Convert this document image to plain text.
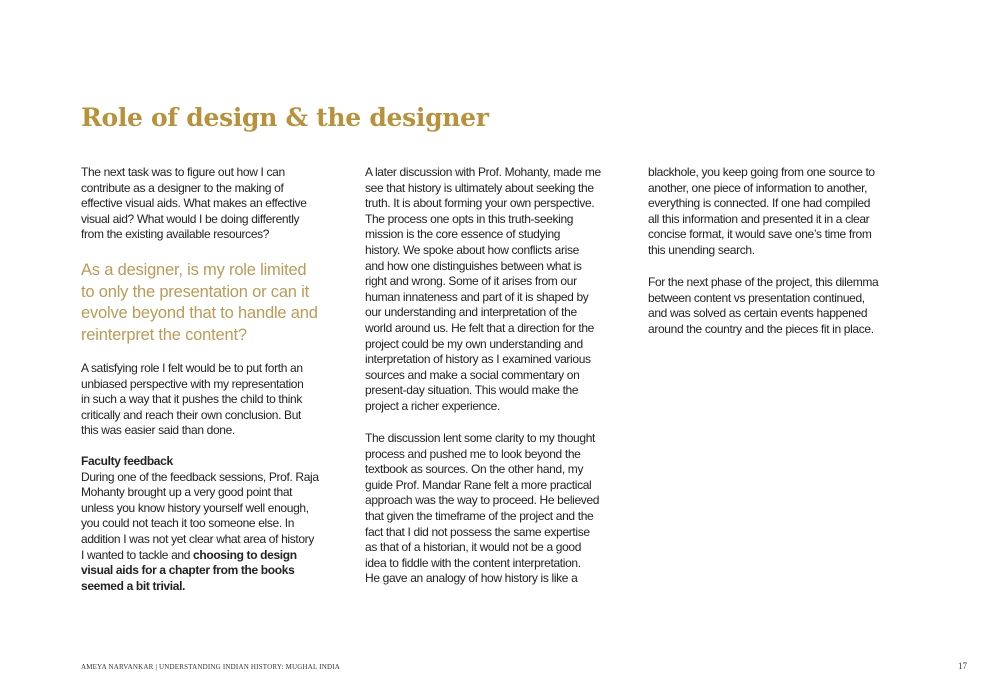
Role of design & the designer
The next task was to figure out how I can
contribute as a designer to the making of
effective visual aids. What makes an effective
visual aid? What would I be doing differently
from the existing available resources?
As a designer, is my role limited
to only the presentation or can it
evolve beyond that to handle and
reinterpret the content?
A satisfying role I felt would be to put forth an
unbiased perspective with my representation
in such a way that it pushes the child to think
critically and reach their own conclusion. But
this was easier said than done.
Faculty feedback
During one of the feedback sessions, Prof. Raja
Mohanty brought up a very good point that
unless you know history yourself well enough,
you could not teach it too someone else. In
addition I was not yet clear what area of history
I wanted to tackle and choosing to design
visual aids for a chapter from the books
seemed a bit trivial.
A later discussion with Prof. Mohanty, made me
see that history is ultimately about seeking the
truth. It is about forming your own perspective.
The process one opts in this truth-seeking
mission is the core essence of studying
history. We spoke about how conflicts arise
and how one distinguishes between what is
right and wrong. Some of it arises from our
human innateness and part of it is shaped by
our understanding and interpretation of the
world around us. He felt that a direction for the
project could be my own understanding and
interpretation of history as I examined various
sources and make a social commentary on
present-day situation. This would make the
project a richer experience.
The discussion lent some clarity to my thought
process and pushed me to look beyond the
textbook as sources. On the other hand, my
guide Prof. Mandar Rane felt a more practical
approach was the way to proceed. He believed
that given the timeframe of the project and the
fact that I did not possess the same expertise
as that of a historian, it would not be a good
idea to fiddle with the content interpretation.
He gave an analogy of how history is like a
blackhole, you keep going from one source to
another, one piece of information to another,
everything is connected. If one had compiled
all this information and presented it in a clear
concise format, it would save one’s time from
this unending search.
For the next phase of the project, this dilemma
between content vs presentation continued,
and was solved as certain events happened
around the country and the pieces fit in place.
AMEYA NARVANKAR | UNDERSTANDING INDIAN HISTORY: MUGHAL INDIA	17
